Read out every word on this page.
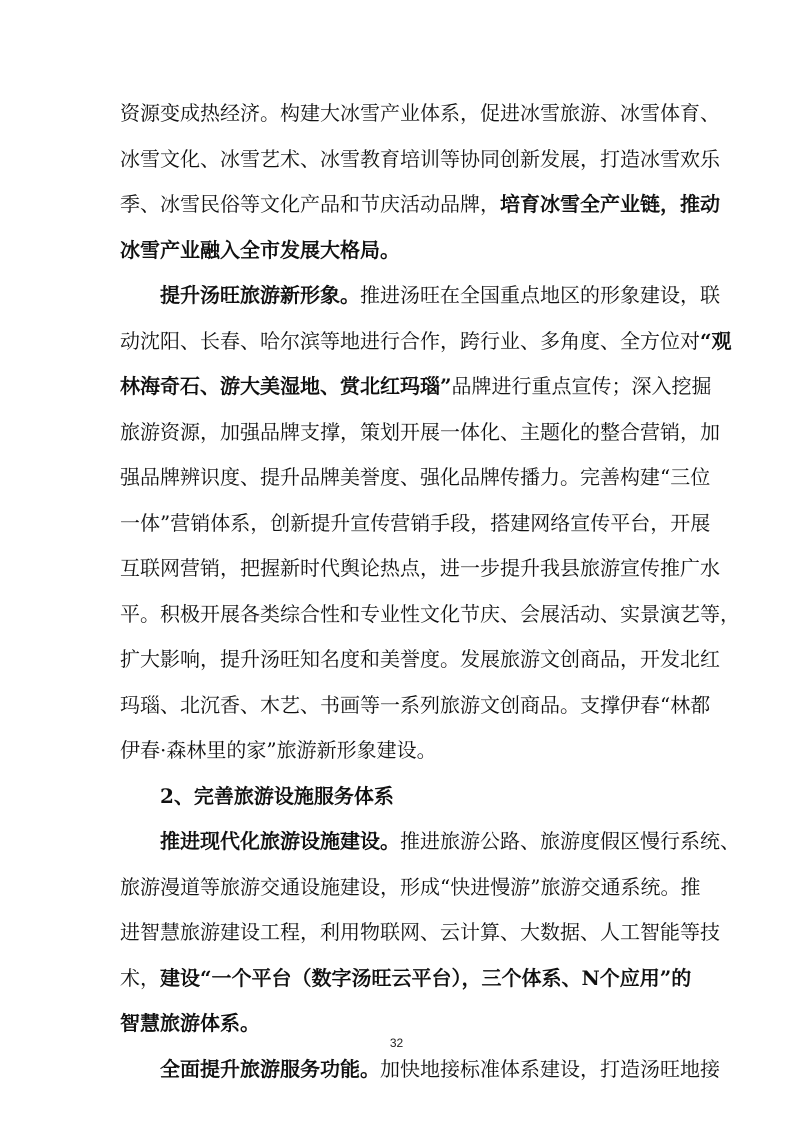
资源变成热经济。构建大冰雪产业体系，促进冰雪旅游、冰雪体育、
冰雪文化、冰雪艺术、冰雪教育培训等协同创新发展，打造冰雪欢乐
季、冰雪民俗等文化产品和节庆活动品牌，培育冰雪全产业链，推动
冰雪产业融入全市发展大格局。
提升汤旺旅游新形象。推进汤旺在全国重点地区的形象建设，联
动沈阳、长春、哈尔滨等地进行合作，跨行业、多角度、全方位对“观
林海奇石、游大美湿地、赏北红玛瑙”品牌进行重点宣传；深入挖掘
旅游资源，加强品牌支撑，策划开展一体化、主题化的整合营销，加
强品牌辨识度、提升品牌美誉度、强化品牌传播力。完善构建“三位
一体”营销体系，创新提升宣传营销手段，搭建网络宣传平台，开展
互联网营销，把握新时代舆论热点，进一步提升我县旅游宣传推广水
平。积极开展各类综合性和专业性文化节庆、会展活动、实景演艺等，
扩大影响，提升汤旺知名度和美誉度。发展旅游文创商品，开发北红
玛瑙、北沉香、木艺、书画等一系列旅游文创商品。支撑伊春“林都
伊春·森林里的家”旅游新形象建设。
2、完善旅游设施服务体系
推进现代化旅游设施建设。推进旅游公路、旅游度假区慢行系统、
旅游漫道等旅游交通设施建设，形成“快进慢游”旅游交通系统。推
进智慧旅游建设工程，利用物联网、云计算、大数据、人工智能等技
术，建设“一个平台（数字汤旺云平台），三个体系、N个应用”的
32
智慧旅游体系。
全面提升旅游服务功能。加快地接标准体系建设，打造汤旺地接
